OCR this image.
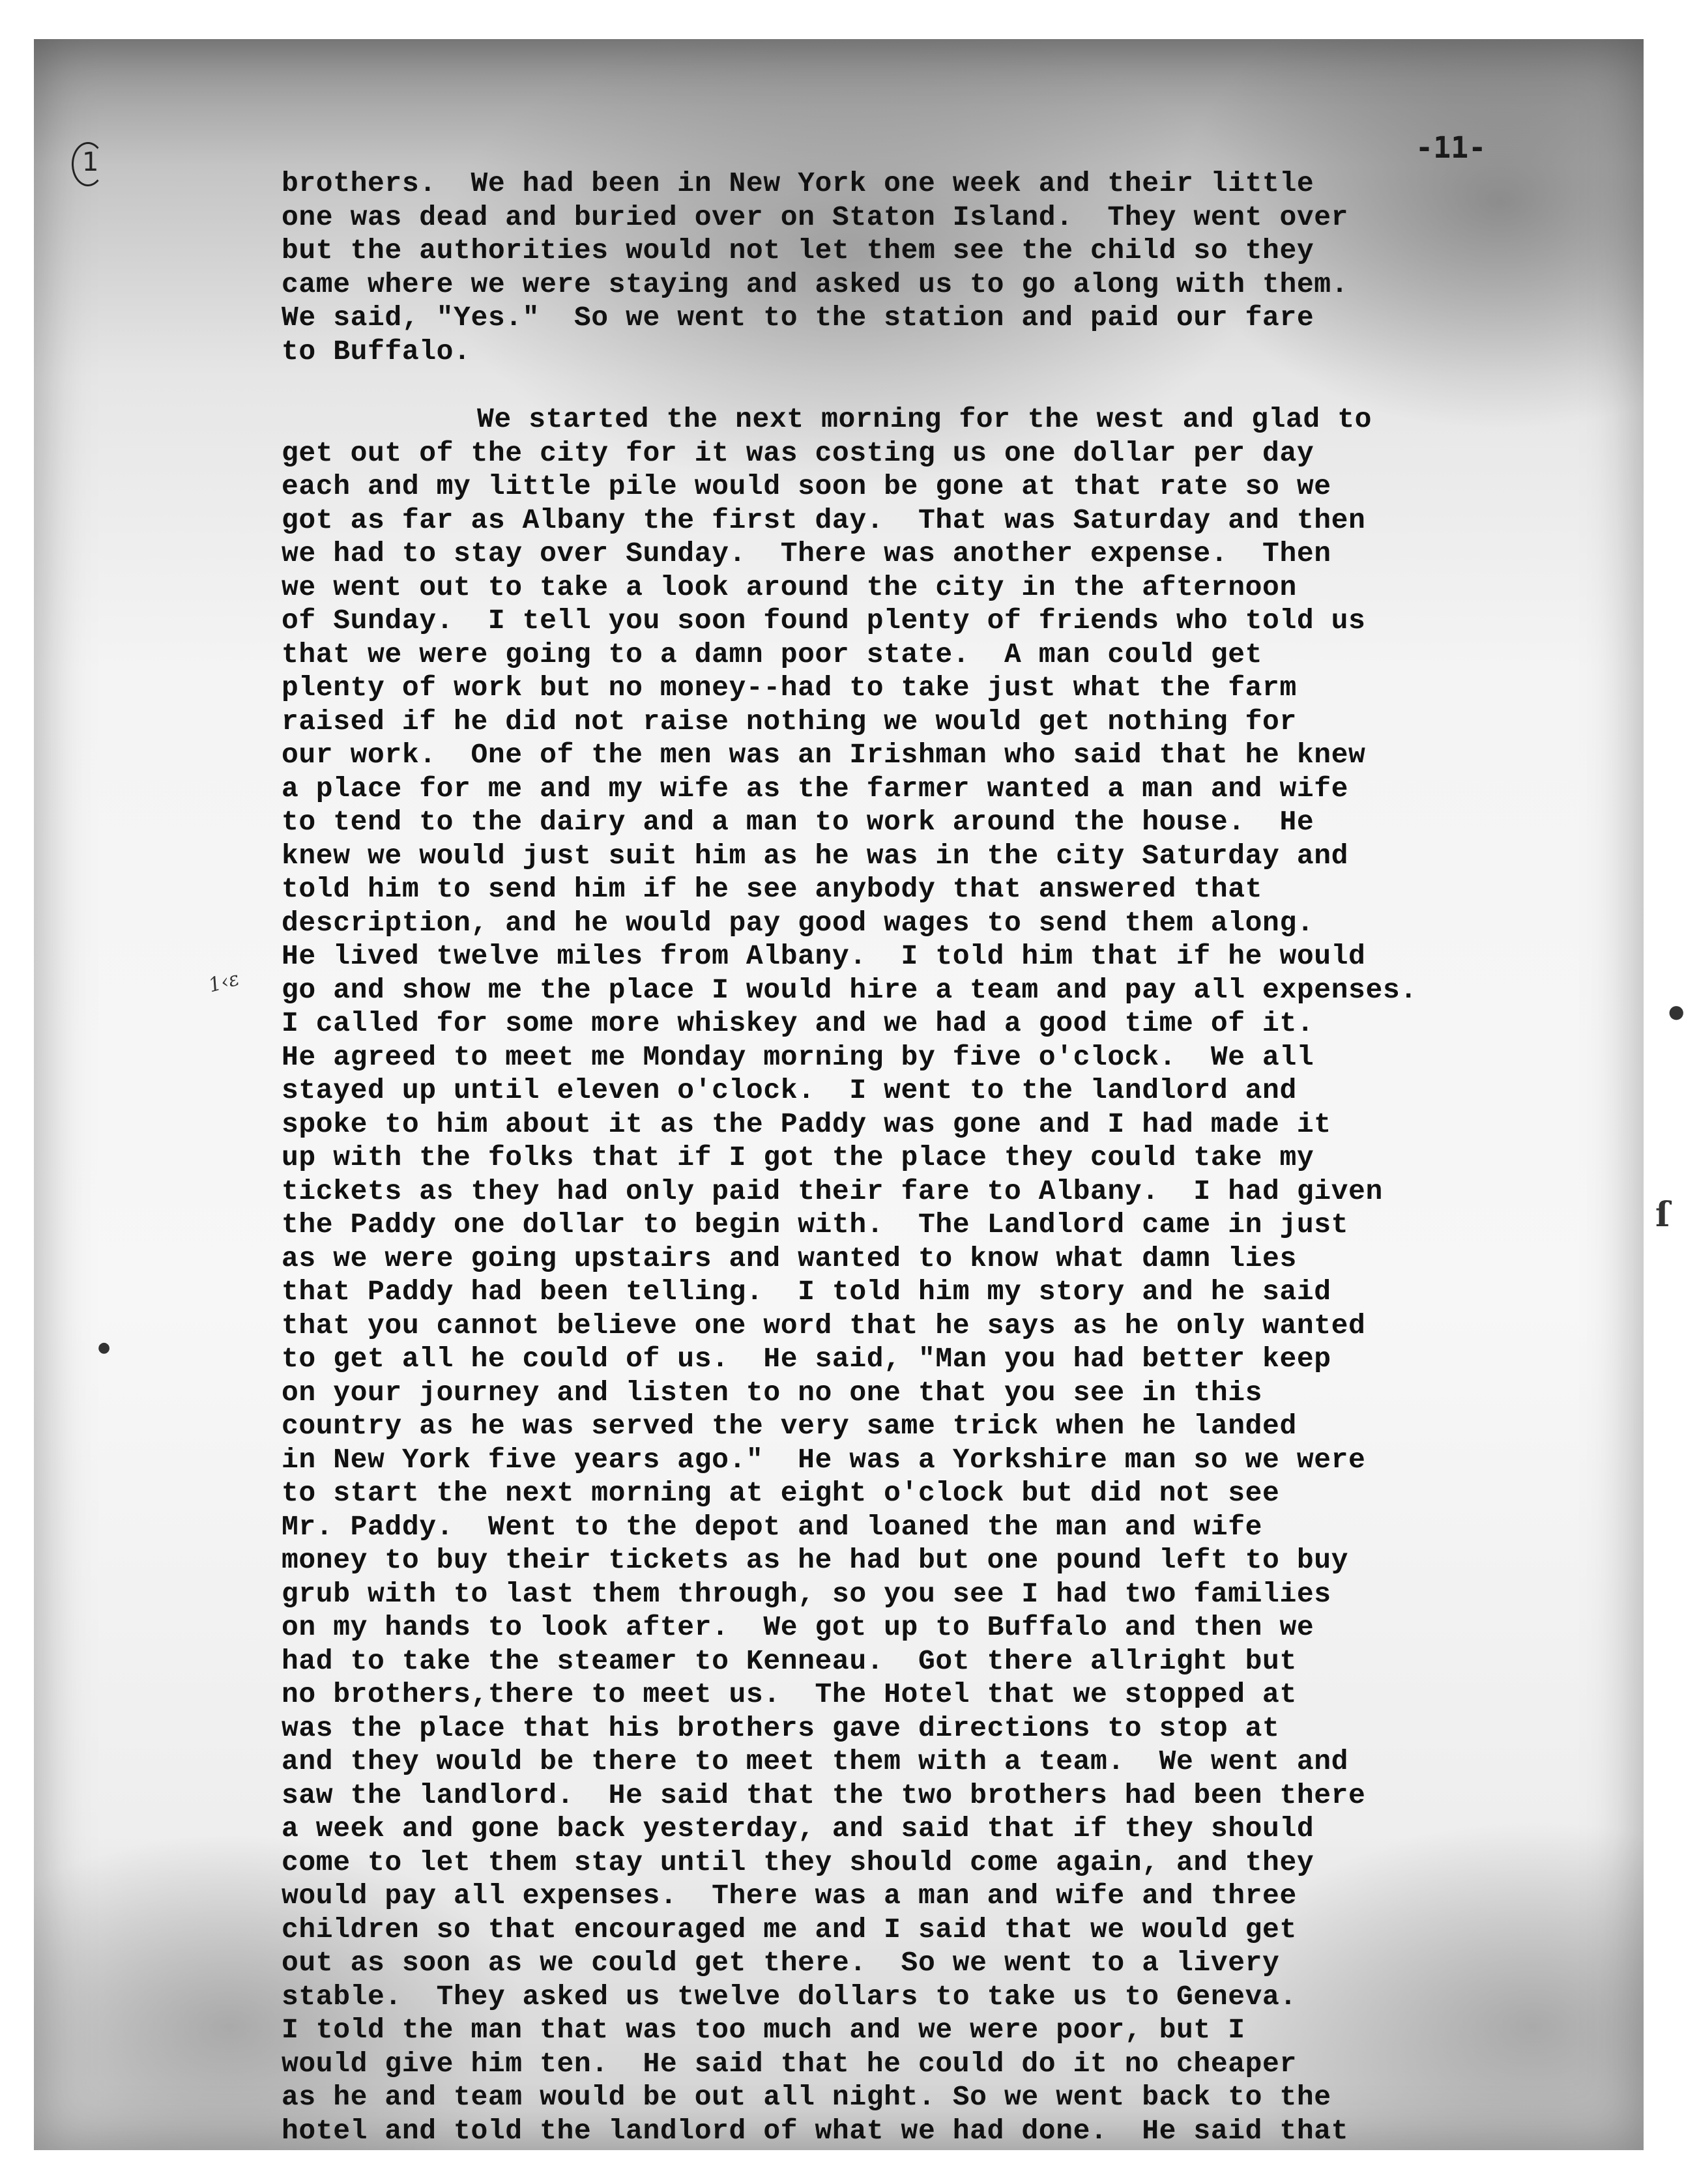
1	-11-
brothers.  We had been in New York one week and their little
one was dead and buried over on Staton Island.  They went over
but the authorities would not let them see the child so they
came where we were staying and asked us to go along with them.
We said, "Yes."  So we went to the station and paid our fare
to Buffalo.
We started the next morning for the west and glad to
get out of the city for it was costing us one dollar per day
each and my little pile would soon be gone at that rate so we
got as far as Albany the first day.  That was Saturday and then
we had to stay over Sunday.  There was another expense.  Then
we went out to take a look around the city in the afternoon
of Sunday.  I tell you soon found plenty of friends who told us
that we were going to a damn poor state.  A man could get
plenty of work but no money--had to take just what the farm
raised if he did not raise nothing we would get nothing for
our work.  One of the men was an Irishman who said that he knew
a place for me and my wife as the farmer wanted a man and wife
to tend to the dairy and a man to work around the house.  He
knew we would just suit him as he was in the city Saturday and
told him to send him if he see anybody that answered that
description, and he would pay good wages to send them along.
He lived twelve miles from Albany.  I told him that if he would
go and show me the place I would hire a team and pay all expenses.
I called for some more whiskey and we had a good time of it.
He agreed to meet me Monday morning by five o'clock.  We all
stayed up until eleven o'clock.  I went to the landlord and
spoke to him about it as the Paddy was gone and I had made it
up with the folks that if I got the place they could take my
tickets as they had only paid their fare to Albany.  I had given
the Paddy one dollar to begin with.  The Landlord came in just
as we were going upstairs and wanted to know what damn lies
that Paddy had been telling.  I told him my story and he said
that you cannot believe one word that he says as he only wanted
to get all he could of us.  He said, "Man you had better keep
on your journey and listen to no one that you see in this
country as he was served the very same trick when he landed
in New York five years ago."  He was a Yorkshire man so we were
to start the next morning at eight o'clock but did not see
Mr. Paddy.  Went to the depot and loaned the man and wife
money to buy their tickets as he had but one pound left to buy
grub with to last them through, so you see I had two families
on my hands to look after.  We got up to Buffalo and then we
had to take the steamer to Kenneau.  Got there allright but
no brothers,there to meet us.  The Hotel that we stopped at
was the place that his brothers gave directions to stop at
and they would be there to meet them with a team.  We went and
saw the landlord.  He said that the two brothers had been there
a week and gone back yesterday, and said that if they should
come to let them stay until they should come again, and they
would pay all expenses.  There was a man and wife and three
children so that encouraged me and I said that we would get
out as soon as we could get there.  So we went to a livery
stable.  They asked us twelve dollars to take us to Geneva.
I told the man that was too much and we were poor, but I
would give him ten.  He said that he could do it no cheaper
as he and team would be out all night. So we went back to the
hotel and told the landlord of what we had done.  He said that
1‹ɛ
●
ſ
●
